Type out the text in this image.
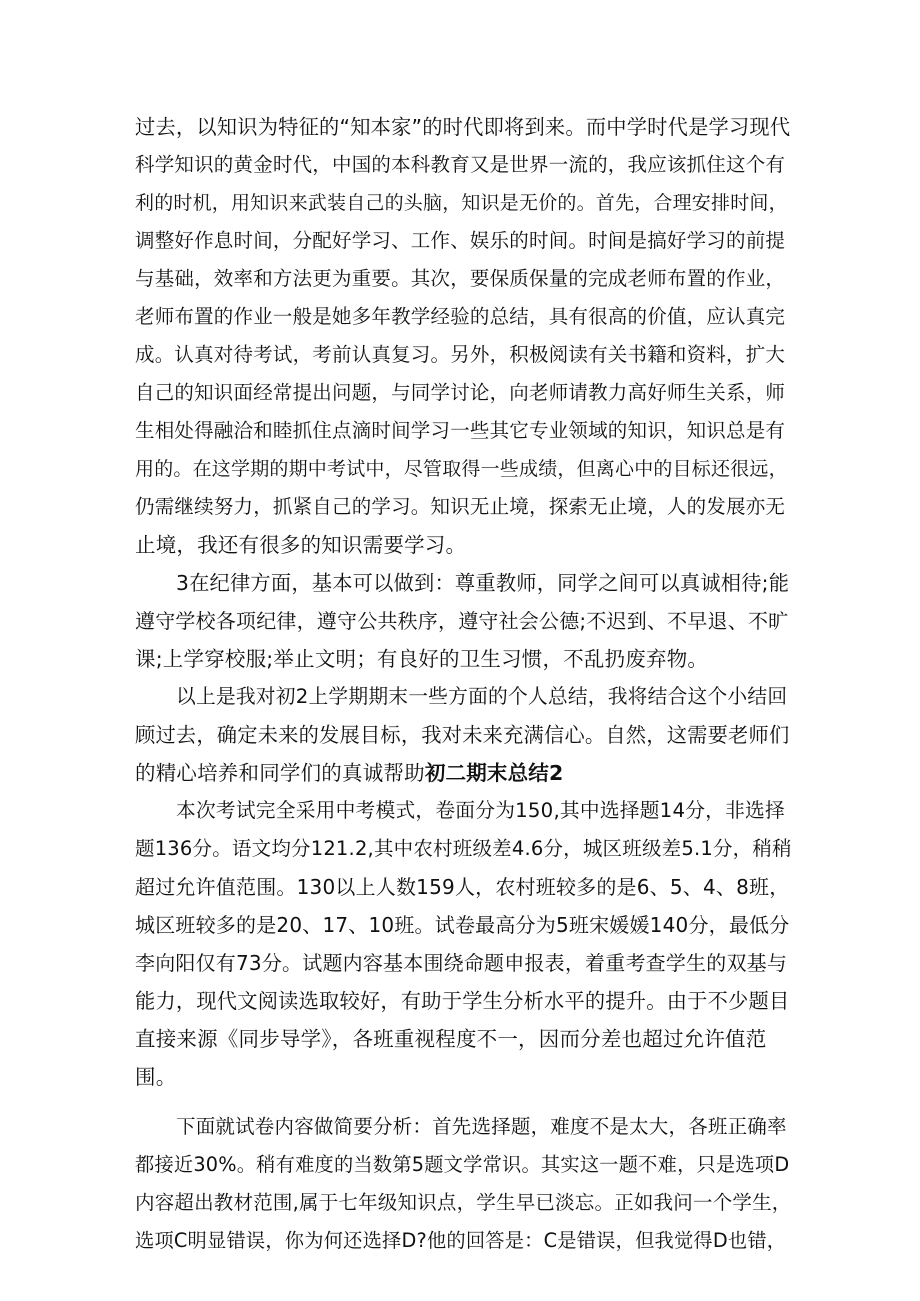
过去，以知识为特征的“知本家”的时代即将到来。而中学时代是学习现代
科学知识的黄金时代，中国的本科教育又是世界一流的，我应该抓住这个有
利的时机，用知识来武装自己的头脑，知识是无价的。首先，合理安排时间，
调整好作息时间，分配好学习、工作、娱乐的时间。时间是搞好学习的前提
与基础，效率和方法更为重要。其次，要保质保量的完成老师布置的作业，
老师布置的作业一般是她多年教学经验的总结，具有很高的价值，应认真完
成。认真对待考试，考前认真复习。另外，积极阅读有关书籍和资料，扩大
自己的知识面经常提出问题，与同学讨论，向老师请教力高好师生关系，师
生相处得融洽和睦抓住点滴时间学习一些其它专业领域的知识，知识总是有
用的。在这学期的期中考试中，尽管取得一些成绩，但离心中的目标还很远，
仍需继续努力，抓紧自己的学习。知识无止境，探索无止境，人的发展亦无
止境，我还有很多的知识需要学习。
3在纪律方面，基本可以做到：尊重教师，同学之间可以真诚相待;能
遵守学校各项纪律，遵守公共秩序，遵守社会公德;不迟到、不早退、不旷
课;上学穿校服;举止文明；有良好的卫生习惯，不乱扔废弃物。
以上是我对初2上学期期末一些方面的个人总结，我将结合这个小结回
顾过去，确定未来的发展目标，我对未来充满信心。自然，这需要老师们
的精心培养和同学们的真诚帮助初二期末总结2
本次考试完全采用中考模式，卷面分为150,其中选择题14分，非选择
题136分。语文均分121.2,其中农村班级差4.6分，城区班级差5.1分，稍稍
超过允许值范围。130以上人数159人，农村班较多的是6、5、4、8班，
城区班较多的是20、17、10班。试卷最高分为5班宋媛媛140分，最低分
李向阳仅有73分。试题内容基本围绕命题申报表，着重考查学生的双基与
能力，现代文阅读选取较好，有助于学生分析水平的提升。由于不少题目
直接来源《同步导学》，各班重视程度不一，因而分差也超过允许值范
围。
下面就试卷内容做简要分析：首先选择题，难度不是太大，各班正确率
都接近30%。稍有难度的当数第5题文学常识。其实这一题不难，只是选项D
内容超出教材范围,属于七年级知识点，学生早已淡忘。正如我问一个学生，
选项C明显错误，你为何还选择D?他的回答是：C是错误，但我觉得D也错，
